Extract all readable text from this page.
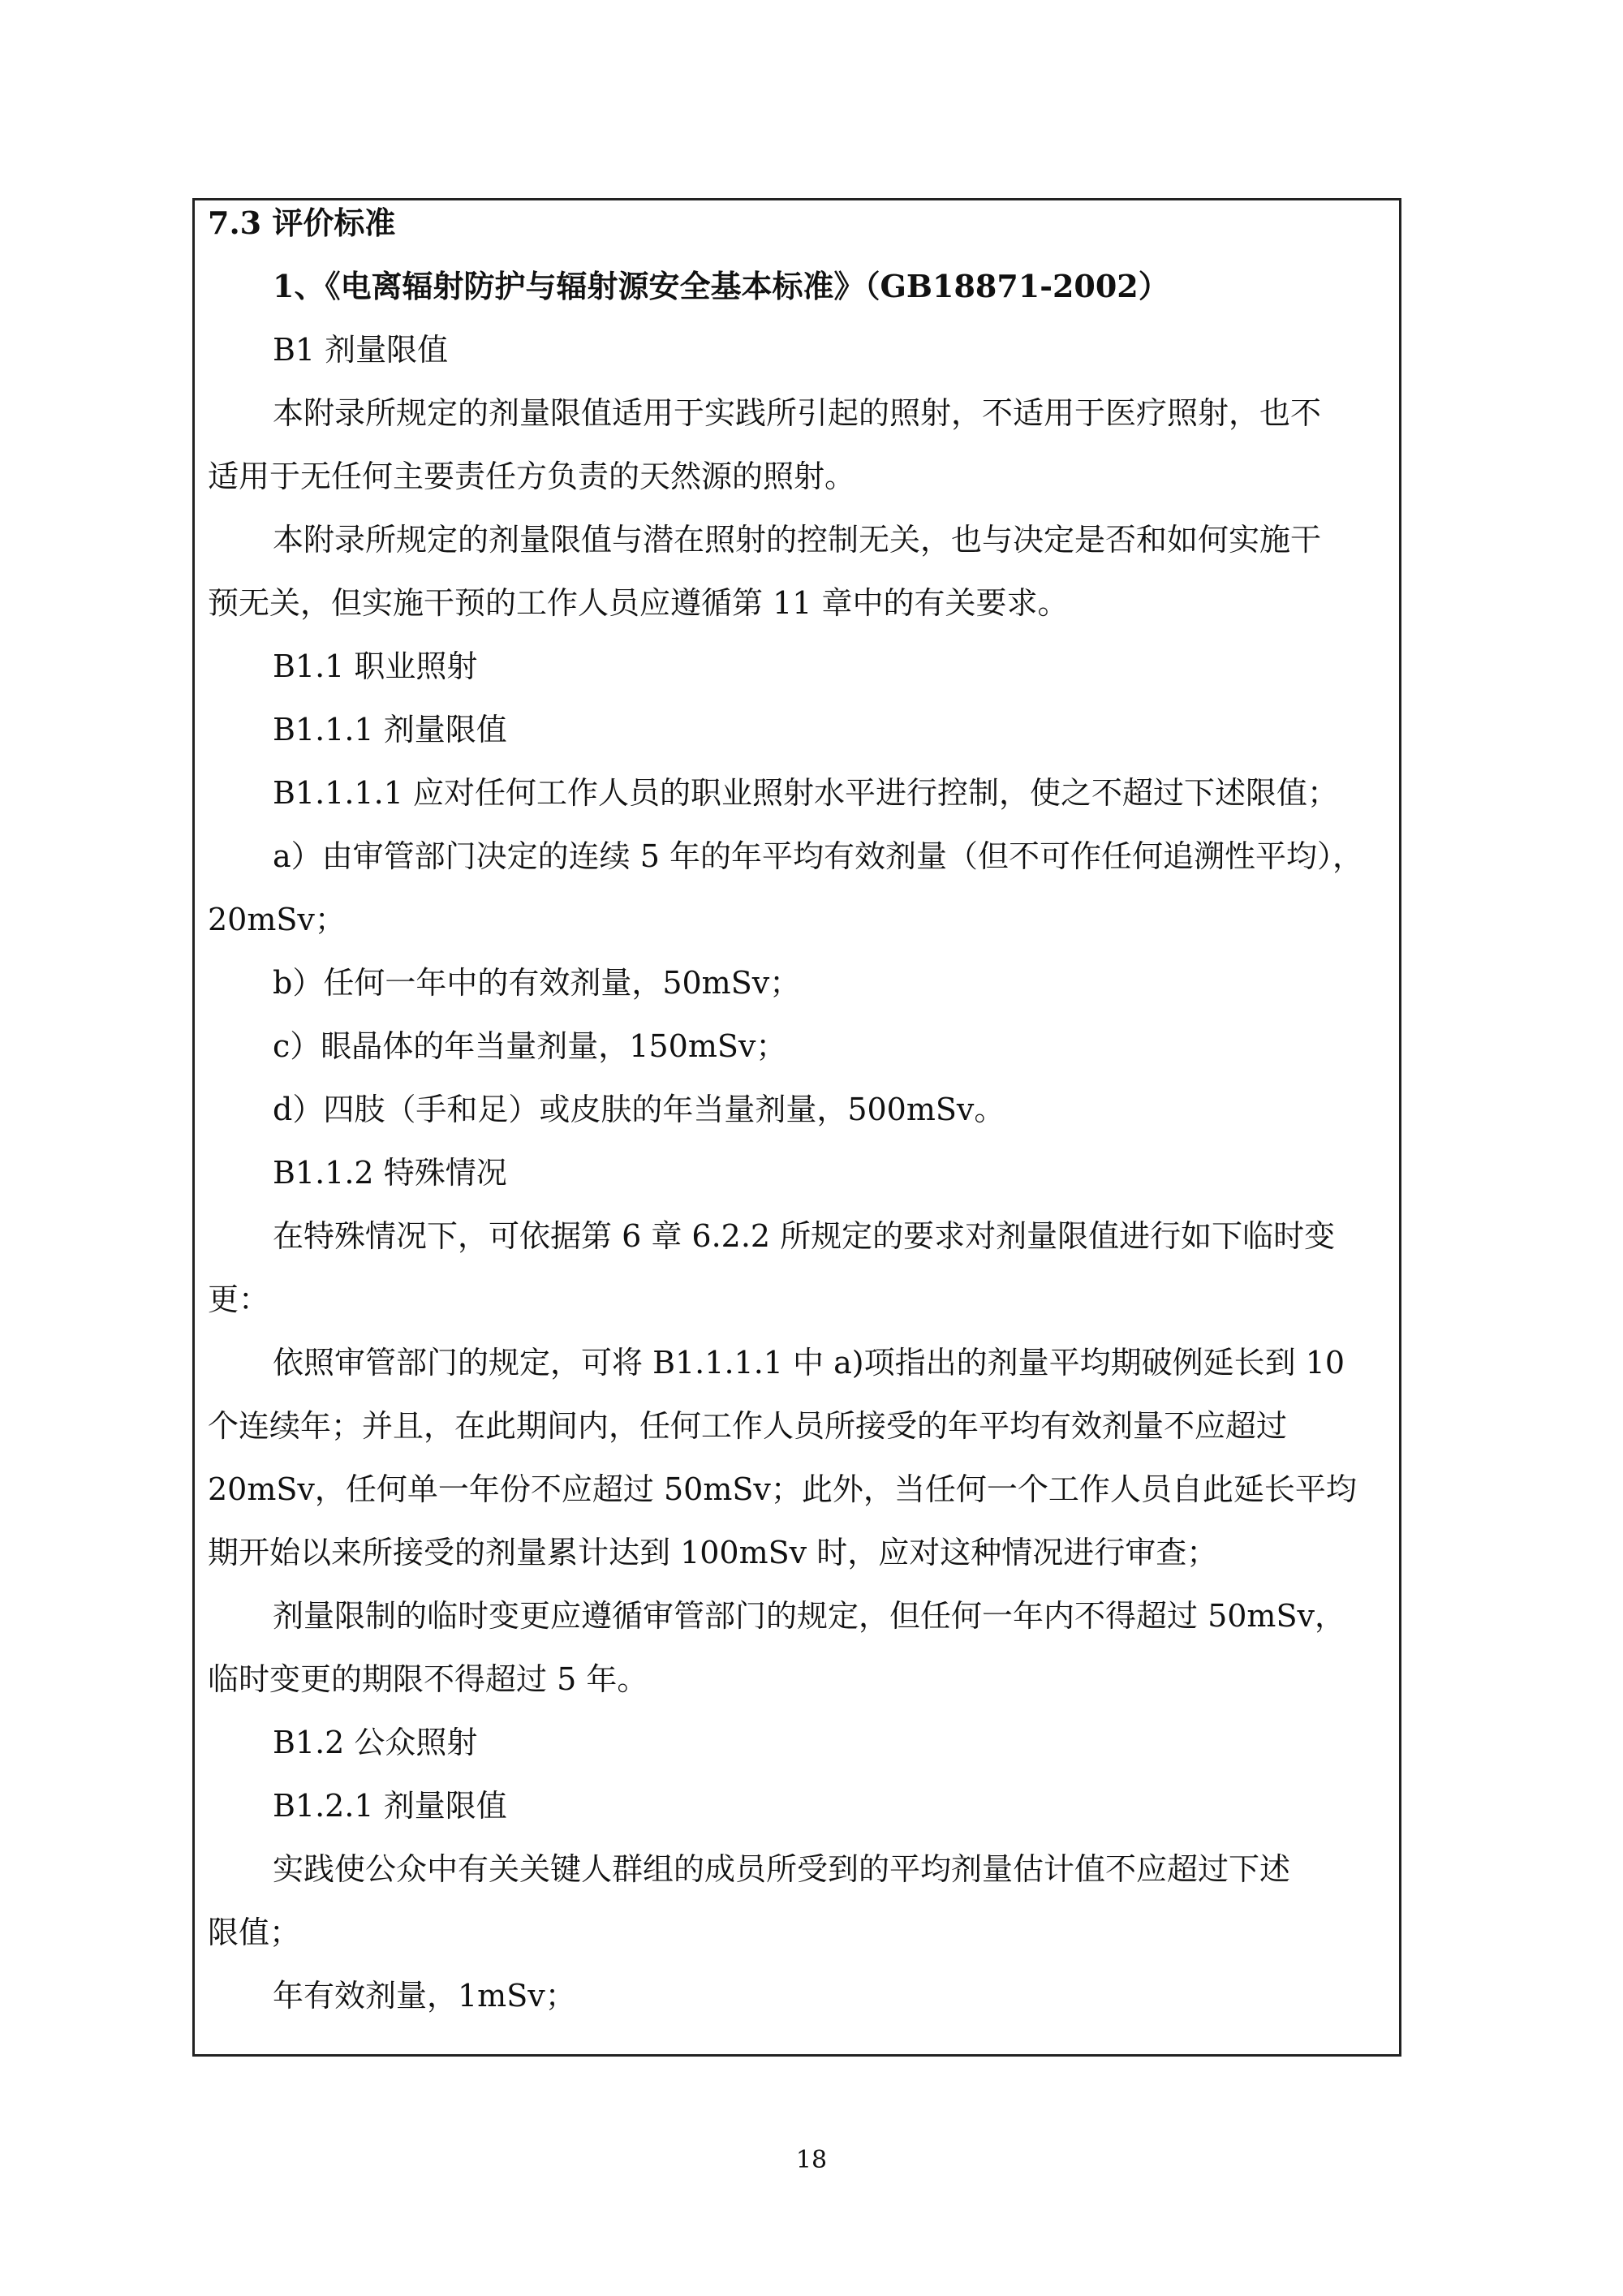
7.3 评价标准
1、《电离辐射防护与辐射源安全基本标准》（GB18871-2002）
B1 剂量限值
本附录所规定的剂量限值适用于实践所引起的照射，不适用于医疗照射，也不
适用于无任何主要责任方负责的天然源的照射。
本附录所规定的剂量限值与潜在照射的控制无关，也与决定是否和如何实施干
预无关，但实施干预的工作人员应遵循第 11 章中的有关要求。
B1.1 职业照射
B1.1.1 剂量限值
B1.1.1.1 应对任何工作人员的职业照射水平进行控制，使之不超过下述限值；
a）由审管部门决定的连续 5 年的年平均有效剂量（但不可作任何追溯性平均），
20mSv；
b）任何一年中的有效剂量，50mSv；
c）眼晶体的年当量剂量，150mSv；
d）四肢（手和足）或皮肤的年当量剂量，500mSv。
B1.1.2 特殊情况
在特殊情况下，可依据第 6 章 6.2.2 所规定的要求对剂量限值进行如下临时变
更：
依照审管部门的规定，可将 B1.1.1.1 中 a)项指出的剂量平均期破例延长到 10
个连续年；并且，在此期间内，任何工作人员所接受的年平均有效剂量不应超过
20mSv，任何单一年份不应超过 50mSv；此外，当任何一个工作人员自此延长平均
期开始以来所接受的剂量累计达到 100mSv 时，应对这种情况进行审查；
剂量限制的临时变更应遵循审管部门的规定，但任何一年内不得超过 50mSv，
临时变更的期限不得超过 5 年。
B1.2 公众照射
B1.2.1 剂量限值
实践使公众中有关关键人群组的成员所受到的平均剂量估计值不应超过下述
限值；
年有效剂量，1mSv；
18
